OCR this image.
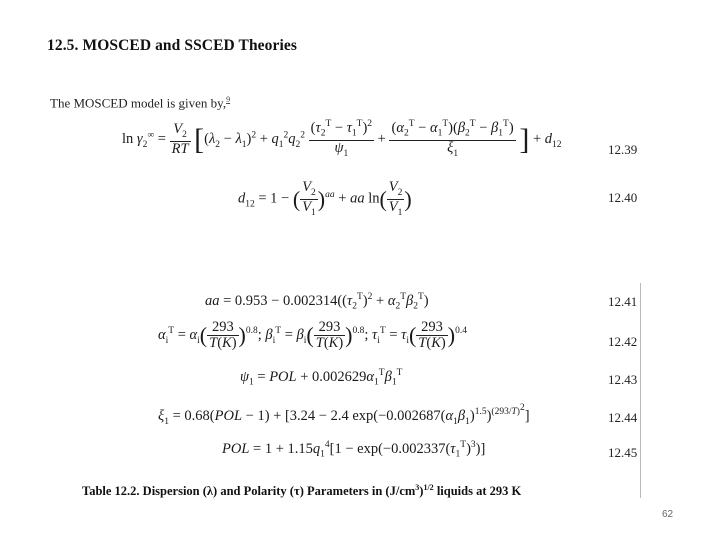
12.5. MOSCED and SSCED Theories
The MOSCED model is given by,$^9$
$\ln \gamma_2^\infty = \frac{V_2}{RT} [(\lambda_2 - \lambda_1)^2 + q_1^2q_2^2 \frac{(\tau_2^T - \tau_1^T)^2}{\psi_1} + \frac{(\alpha_2^T - \alpha_1^T)(\beta_2^T - \beta_1^T)}{\xi_1}$ ] + $d_{12}$	12.39
$d_{12} = 1$ − ( $\frac{V_2}{V_1} )^{aa}$ + aa $\ln( \frac{V_2}{V_1}$ )	12.40
aa = $0.953 - 0.002314((\tau_2^T)^2 + \alpha_2^T\beta_2^T)$	12.41
$\alpha_i^T = \alpha_i( \frac{293}{T(K)} )^{0.8}$; $\beta_i^T = \beta_i( \frac{293}{T(K)} )^{0.8}$; $\tau_i^T = \tau_i( \frac{293}{T(K)} )^{0.4}$
12.42
$\psi_1$ = POL + $0.002629\alpha_1^T\beta_1^T$	12.43
$\xi_1 = 0.68(POL - 1) + [3.24 - 2.4$ $\exp(-0.002687(\alpha_1\beta_1)^{1.5})^{(293/T)^2}$]	12.44
POL = $1 + 1.15q_1^4[1 - \exp(-0.002337(\tau_1^T)^3)]$	12.45
Table 12.2. Dispersion (λ) and Polarity (τ) Parameters in $(J/cm^3)^{1/2}$ liquids at 293 K
62
